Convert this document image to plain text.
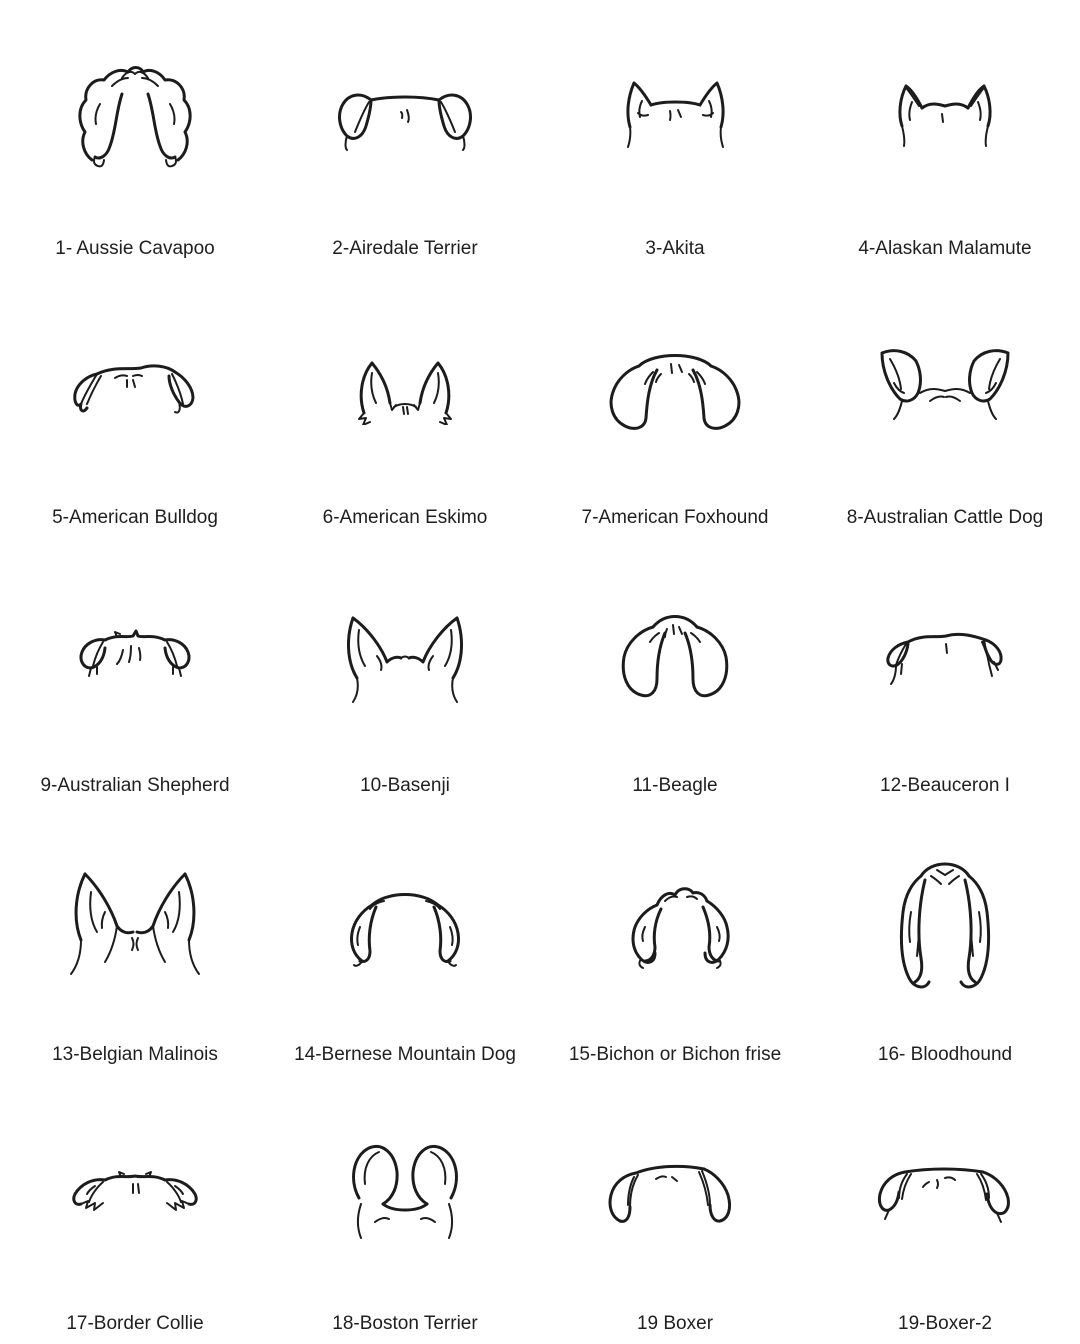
1- Aussie Cavapoo	2-Airedale Terrier	3-Akita	4-Alaskan Malamute
5-American Bulldog	6-American Eskimo	7-American Foxhound	8-Australian Cattle Dog
9-Australian Shepherd	10-Basenji	11-Beagle	12-Beauceron I
13-Belgian Malinois	14-Bernese Mountain Dog	15-Bichon or Bichon frise	16- Bloodhound
17-Border Collie	18-Boston Terrier	19 Boxer	19-Boxer-2
